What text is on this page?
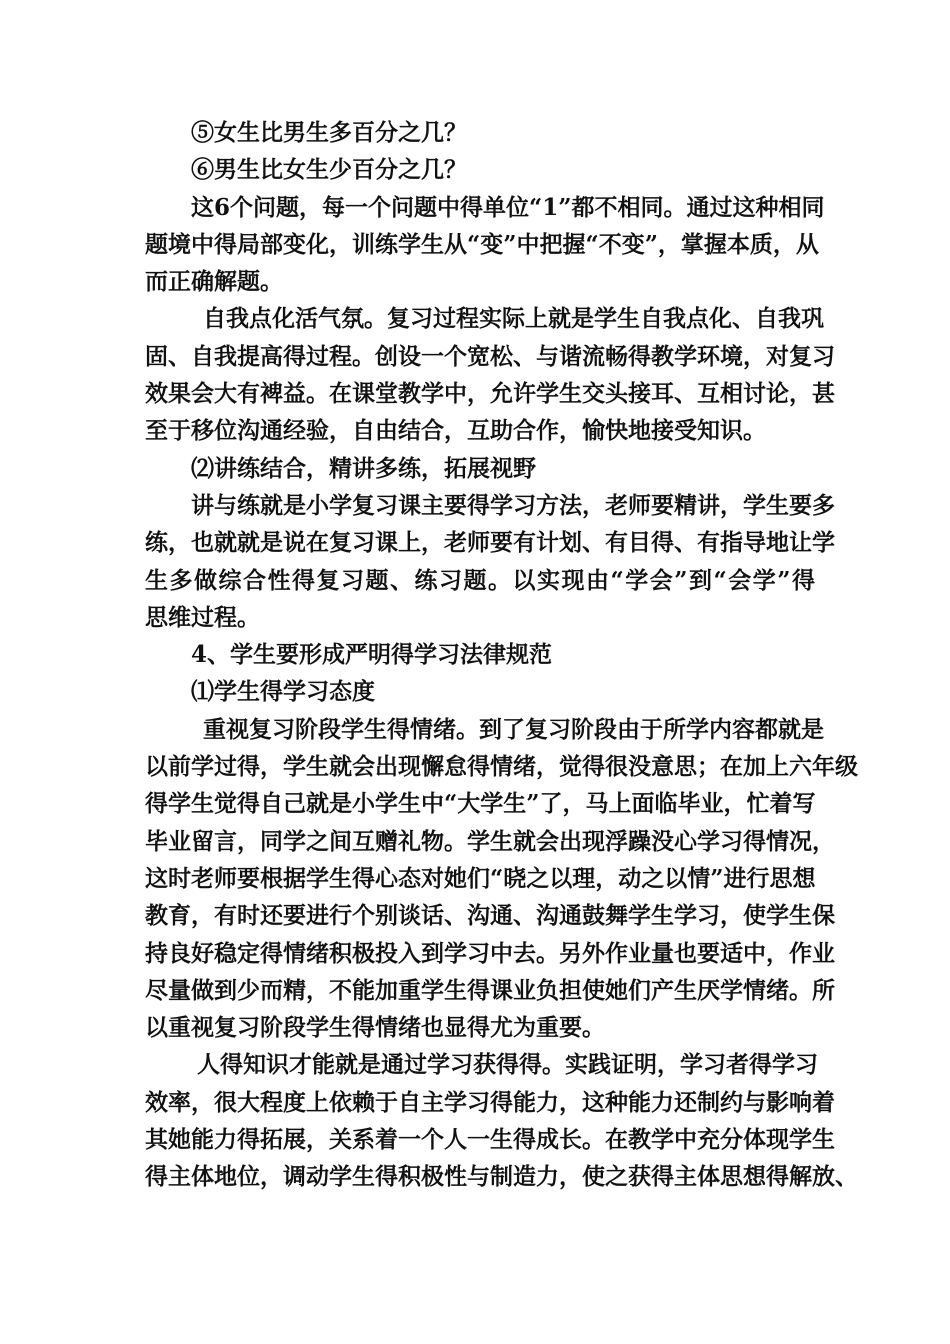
⑤女生比男生多百分之几？
⑥男生比女生少百分之几？
这6个问题，每一个问题中得单位“1”都不相同。通过这种相同
题境中得局部变化，训练学生从“变”中把握“不变”，掌握本质，从
而正确解题。
自我点化活气氛。复习过程实际上就是学生自我点化、自我巩
固、自我提高得过程。创设一个宽松、与谐流畅得教学环境，对复习
效果会大有裨益。在课堂教学中，允许学生交头接耳、互相讨论，甚
至于移位沟通经验，自由结合，互助合作，愉快地接受知识。
⑵讲练结合，精讲多练，拓展视野
讲与练就是小学复习课主要得学习方法，老师要精讲，学生要多
练，也就就是说在复习课上，老师要有计划、有目得、有指导地让学
生多做综合性得复习题、练习题。以实现由“学会”到“会学”得
思维过程。
4、学生要形成严明得学习法律规范
⑴学生得学习态度
重视复习阶段学生得情绪。到了复习阶段由于所学内容都就是
以前学过得，学生就会出现懈怠得情绪，觉得很没意思；在加上六年级
得学生觉得自己就是小学生中“大学生”了，马上面临毕业，忙着写
毕业留言，同学之间互赠礼物。学生就会出现浮躁没心学习得情况，
这时老师要根据学生得心态对她们“晓之以理，动之以情”进行思想
教育，有时还要进行个别谈话、沟通、沟通鼓舞学生学习，使学生保
持良好稳定得情绪积极投入到学习中去。另外作业量也要适中，作业
尽量做到少而精，不能加重学生得课业负担使她们产生厌学情绪。所
以重视复习阶段学生得情绪也显得尤为重要。
人得知识才能就是通过学习获得得。实践证明，学习者得学习
效率，很大程度上依赖于自主学习得能力，这种能力还制约与影响着
其她能力得拓展，关系着一个人一生得成长。在教学中充分体现学生
得主体地位，调动学生得积极性与制造力，使之获得主体思想得解放、
